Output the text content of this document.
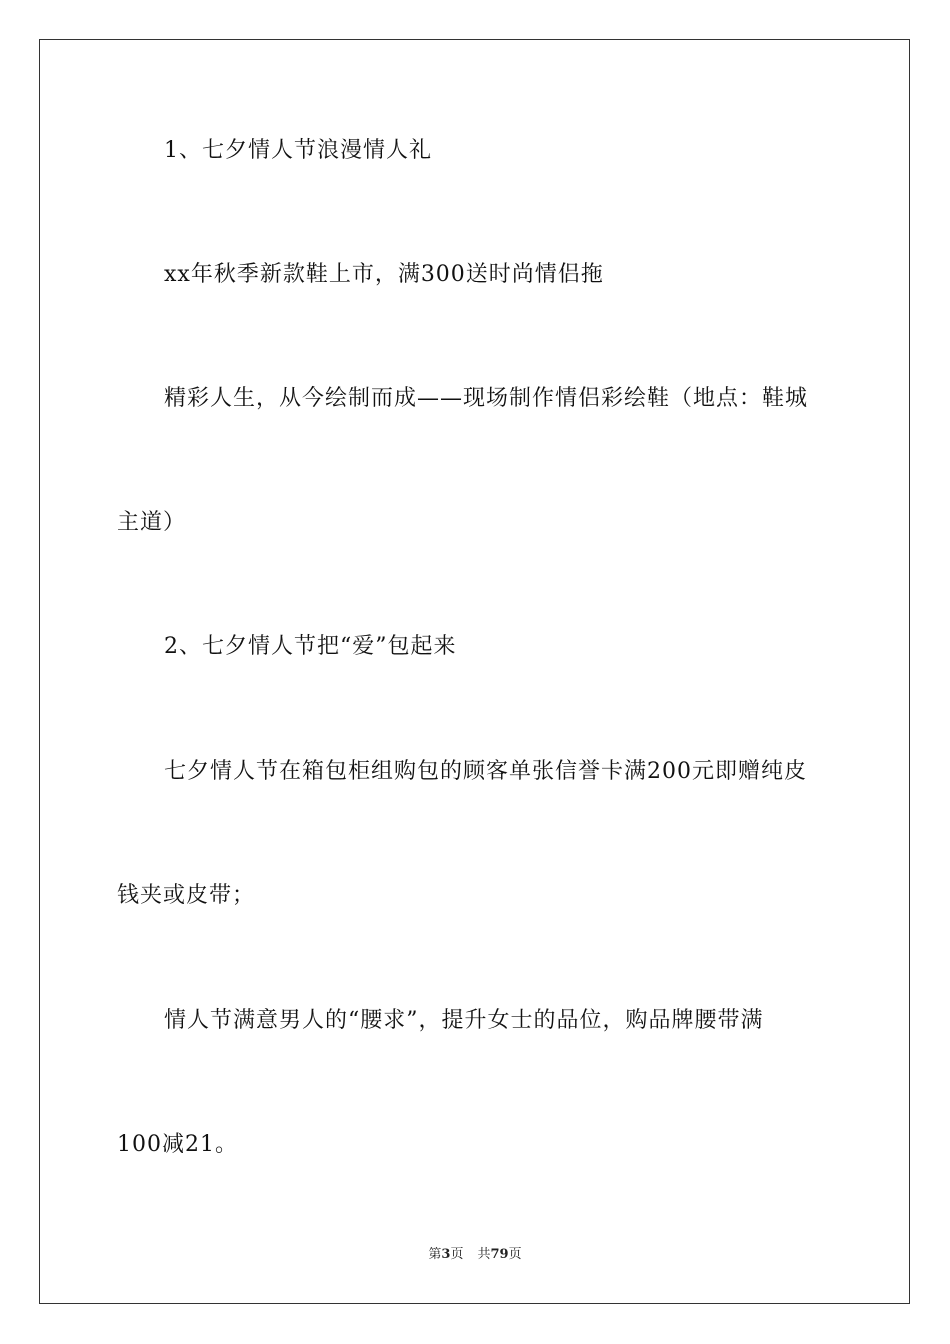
1、七夕情人节浪漫情人礼
xx年秋季新款鞋上市，满300送时尚情侣拖
精彩人生，从今绘制而成——现场制作情侣彩绘鞋（地点：鞋城
主道）
2、七夕情人节把“爱”包起来
七夕情人节在箱包柜组购包的顾客单张信誉卡满200元即赠纯皮
钱夹或皮带；
情人节满意男人的“腰求”，提升女士的品位，购品牌腰带满
100减21。
第3页 共79页
